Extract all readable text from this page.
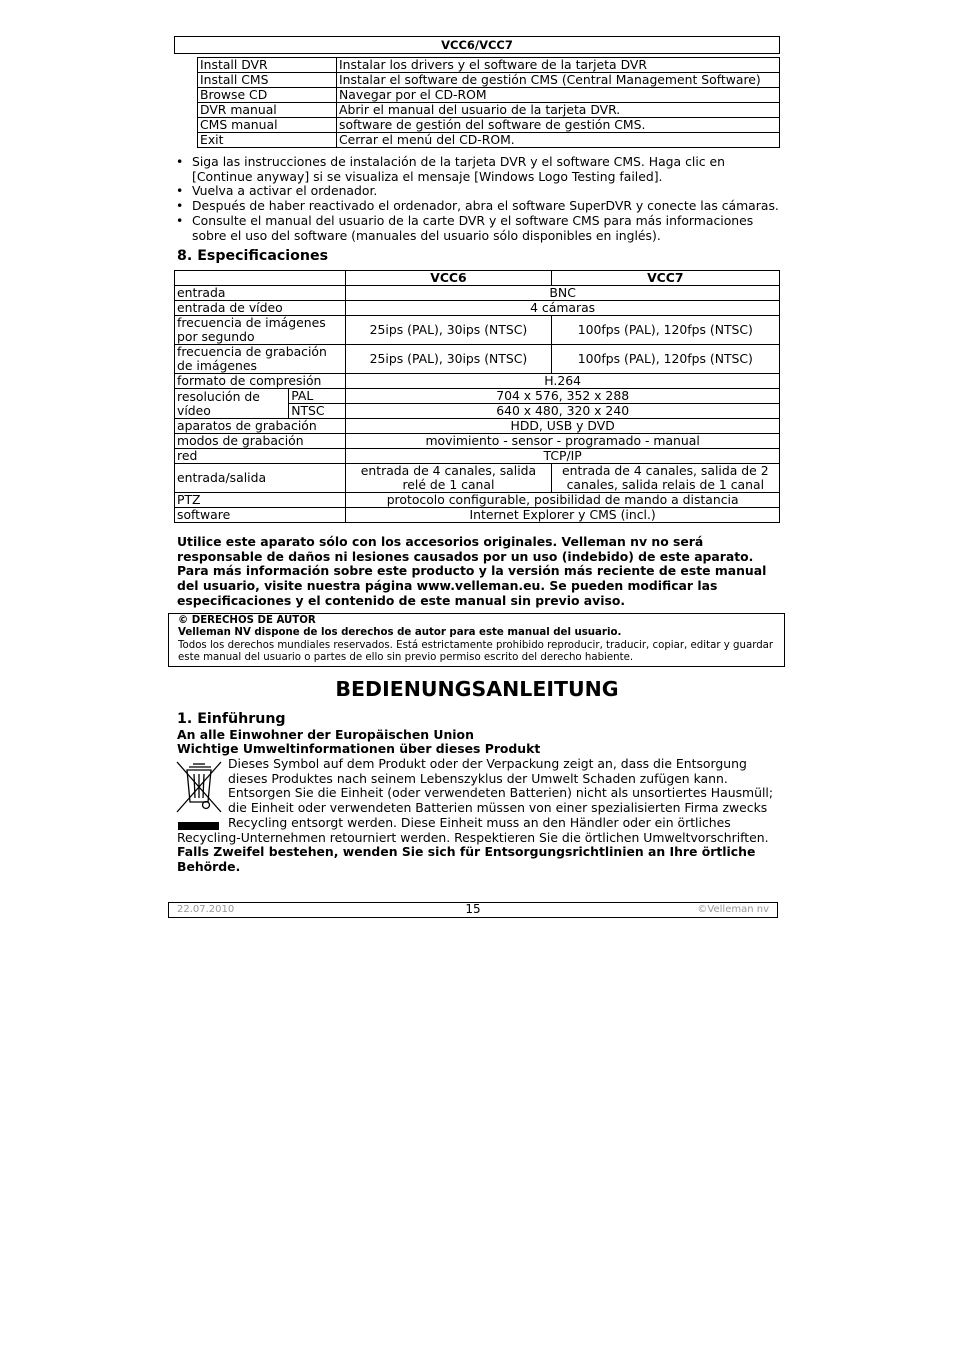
VCC6/VCC7
Install DVR	Instalar los drivers y el software de la tarjeta DVR
Install CMS	Instalar el software de gestión CMS (Central Management Software)
Browse CD	Navegar por el CD-ROM
DVR manual	Abrir el manual del usuario de la tarjeta DVR.
CMS manual	software de gestión del software de gestión CMS.
Exit	Cerrar el menú del CD-ROM.
• Siga las instrucciones de instalación de la tarjeta DVR y el software CMS. Haga clic en [Continue anyway] si se visualiza el mensaje [Windows Logo Testing failed].
• Vuelva a activar el ordenador.
• Después de haber reactivado el ordenador, abra el software SuperDVR y conecte las cámaras.
• Consulte el manual del usuario de la carte DVR y el software CMS para más informaciones sobre el uso del software (manuales del usuario sólo disponibles en inglés).
8. Especificaciones
		VCC6	VCC7
entrada		BNC	
entrada de vídeo		4 cámaras	
frecuencia de imágenes por segundo		25ips (PAL), 30ips (NTSC)	100fps (PAL), 120fps (NTSC)
frecuencia de grabación de imágenes		25ips (PAL), 30ips (NTSC)	100fps (PAL), 120fps (NTSC)
formato de compresión		H.264	
resolución de vídeo	PAL	704 x 576, 352 x 288	
	NTSC	640 x 480, 320 x 240	
aparatos de grabación		HDD, USB y DVD	
modos de grabación		movimiento - sensor - programado - manual	
red		TCP/IP	
entrada/salida		entrada de 4 canales, salida relé de 1 canal	entrada de 4 canales, salida de 2 canales, salida relais de 1 canal
PTZ		protocolo configurable, posibilidad de mando a distancia	
software		Internet Explorer y CMS (incl.)	
Utilice este aparato sólo con los accesorios originales. Velleman nv no será responsable de daños ni lesiones causados por un uso (indebido) de este aparato. Para más información sobre este producto y la versión más reciente de este manual del usuario, visite nuestra página www.velleman.eu. Se pueden modificar las especificaciones y el contenido de este manual sin previo aviso.
© DERECHOS DE AUTOR
Velleman NV dispone de los derechos de autor para este manual del usuario.
Todos los derechos mundiales reservados. Está estrictamente prohibido reproducir, traducir, copiar, editar y guardar este manual del usuario o partes de ello sin previo permiso escrito del derecho habiente.
BEDIENUNGSANLEITUNG
1. Einführung
An alle Einwohner der Europäischen Union
Wichtige Umweltinformationen über dieses Produkt
Dieses Symbol auf dem Produkt oder der Verpackung zeigt an, dass die Entsorgung
dieses Produktes nach seinem Lebenszyklus der Umwelt Schaden zufügen kann.
Entsorgen Sie die Einheit (oder verwendeten Batterien) nicht als unsortiertes Hausmüll;
die Einheit oder verwendeten Batterien müssen von einer spezialisierten Firma zwecks
Recycling entsorgt werden. Diese Einheit muss an den Händler oder ein örtliches
Recycling-Unternehmen retourniert werden. Respektieren Sie die örtlichen Umweltvorschriften.
Falls Zweifel bestehen, wenden Sie sich für Entsorgungsrichtlinien an Ihre örtliche Behörde.
22.07.2010	15	©Velleman nv
